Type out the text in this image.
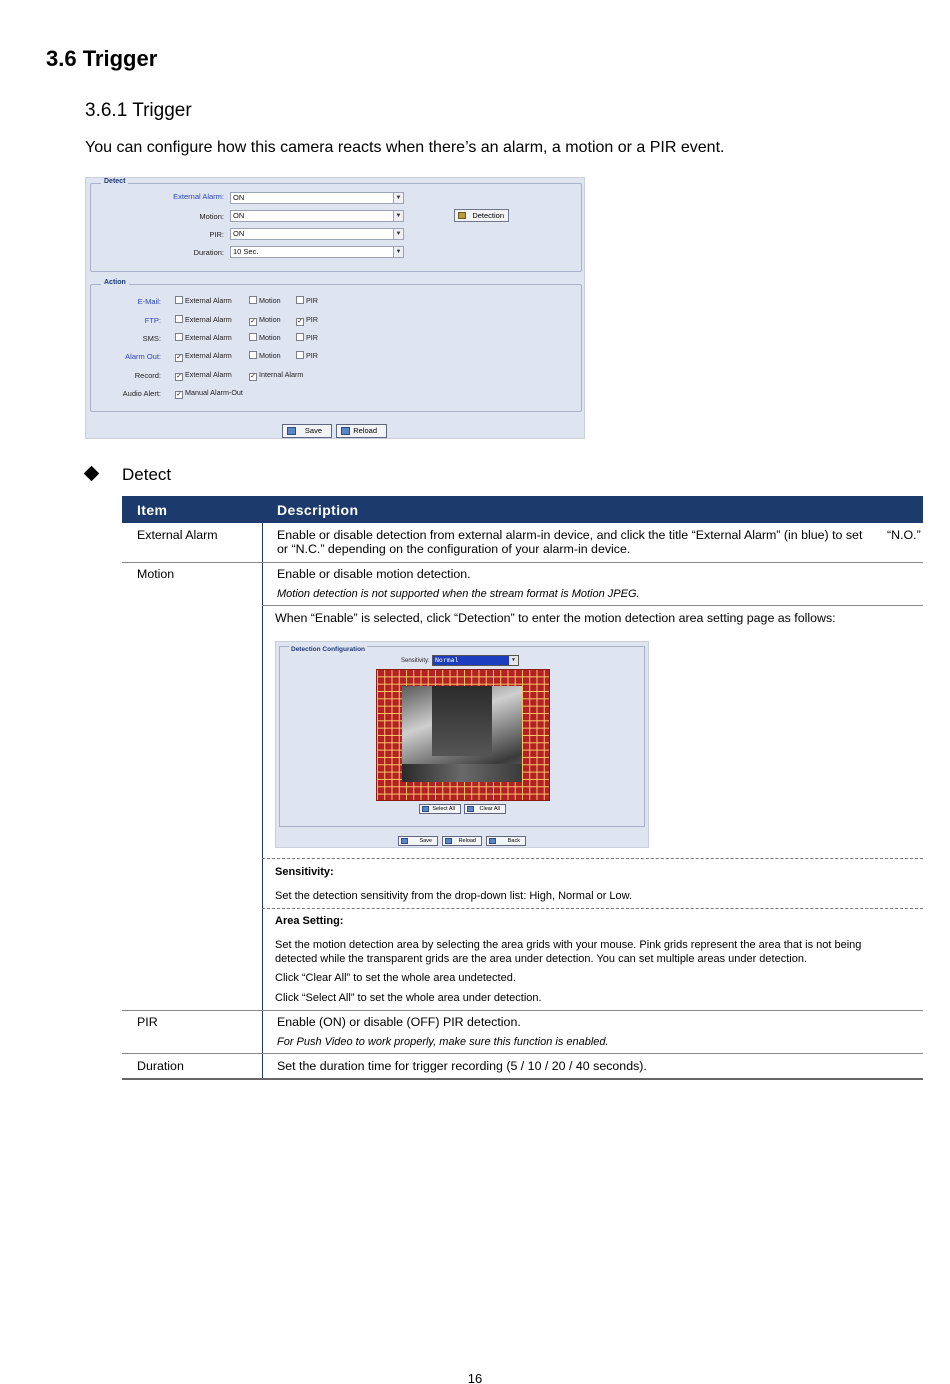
3.6 Trigger
3.6.1 Trigger
You can configure how this camera reacts when there’s an alarm, a motion or a PIR event.
Detect
Action
External Alarm:	ON	▼
Motion:	ON	▼
PIR:	ON	▼
Duration:	10 Sec.	▼
Detection
E-Mail:	External Alarm	Motion	PIR
FTP:	External Alarm	✓ Motion ✓ PIR
SMS:	External Alarm	Motion	PIR
Alarm Out: ✓ External Alarm	Motion	PIR
Record: ✓ External Alarm	✓ Internal Alarm
Audio Alert: ✓ Manual Alarm-Out
Save	Reload
Detect
Item	Description
External Alarm	Enable or disable detection from external alarm-in device, and click the title “External Alarm” (in blue) to set “N.O.”
or “N.C.” depending on the configuration of your alarm-in device.
Motion	Enable or disable motion detection.
Motion detection is not supported when the stream format is Motion JPEG.
When “Enable” is selected, click “Detection” to enter the motion detection area setting page as follows:
Detection Configuration
Sensitivity: Normal	▼
Select All	Clear All
Save	Reload	Back
Sensitivity:
Set the detection sensitivity from the drop-down list: High, Normal or Low.
Area Setting:
Set the motion detection area by selecting the area grids with your mouse. Pink grids represent the area that is not being
detected while the transparent grids are the area under detection. You can set multiple areas under detection.
Click “Clear All” to set the whole area undetected.
Click “Select All” to set the whole area under detection.
PIR	Enable (ON) or disable (OFF) PIR detection.
For Push Video to work properly, make sure this function is enabled.
Duration	Set the duration time for trigger recording (5 / 10 / 20 / 40 seconds).
16
